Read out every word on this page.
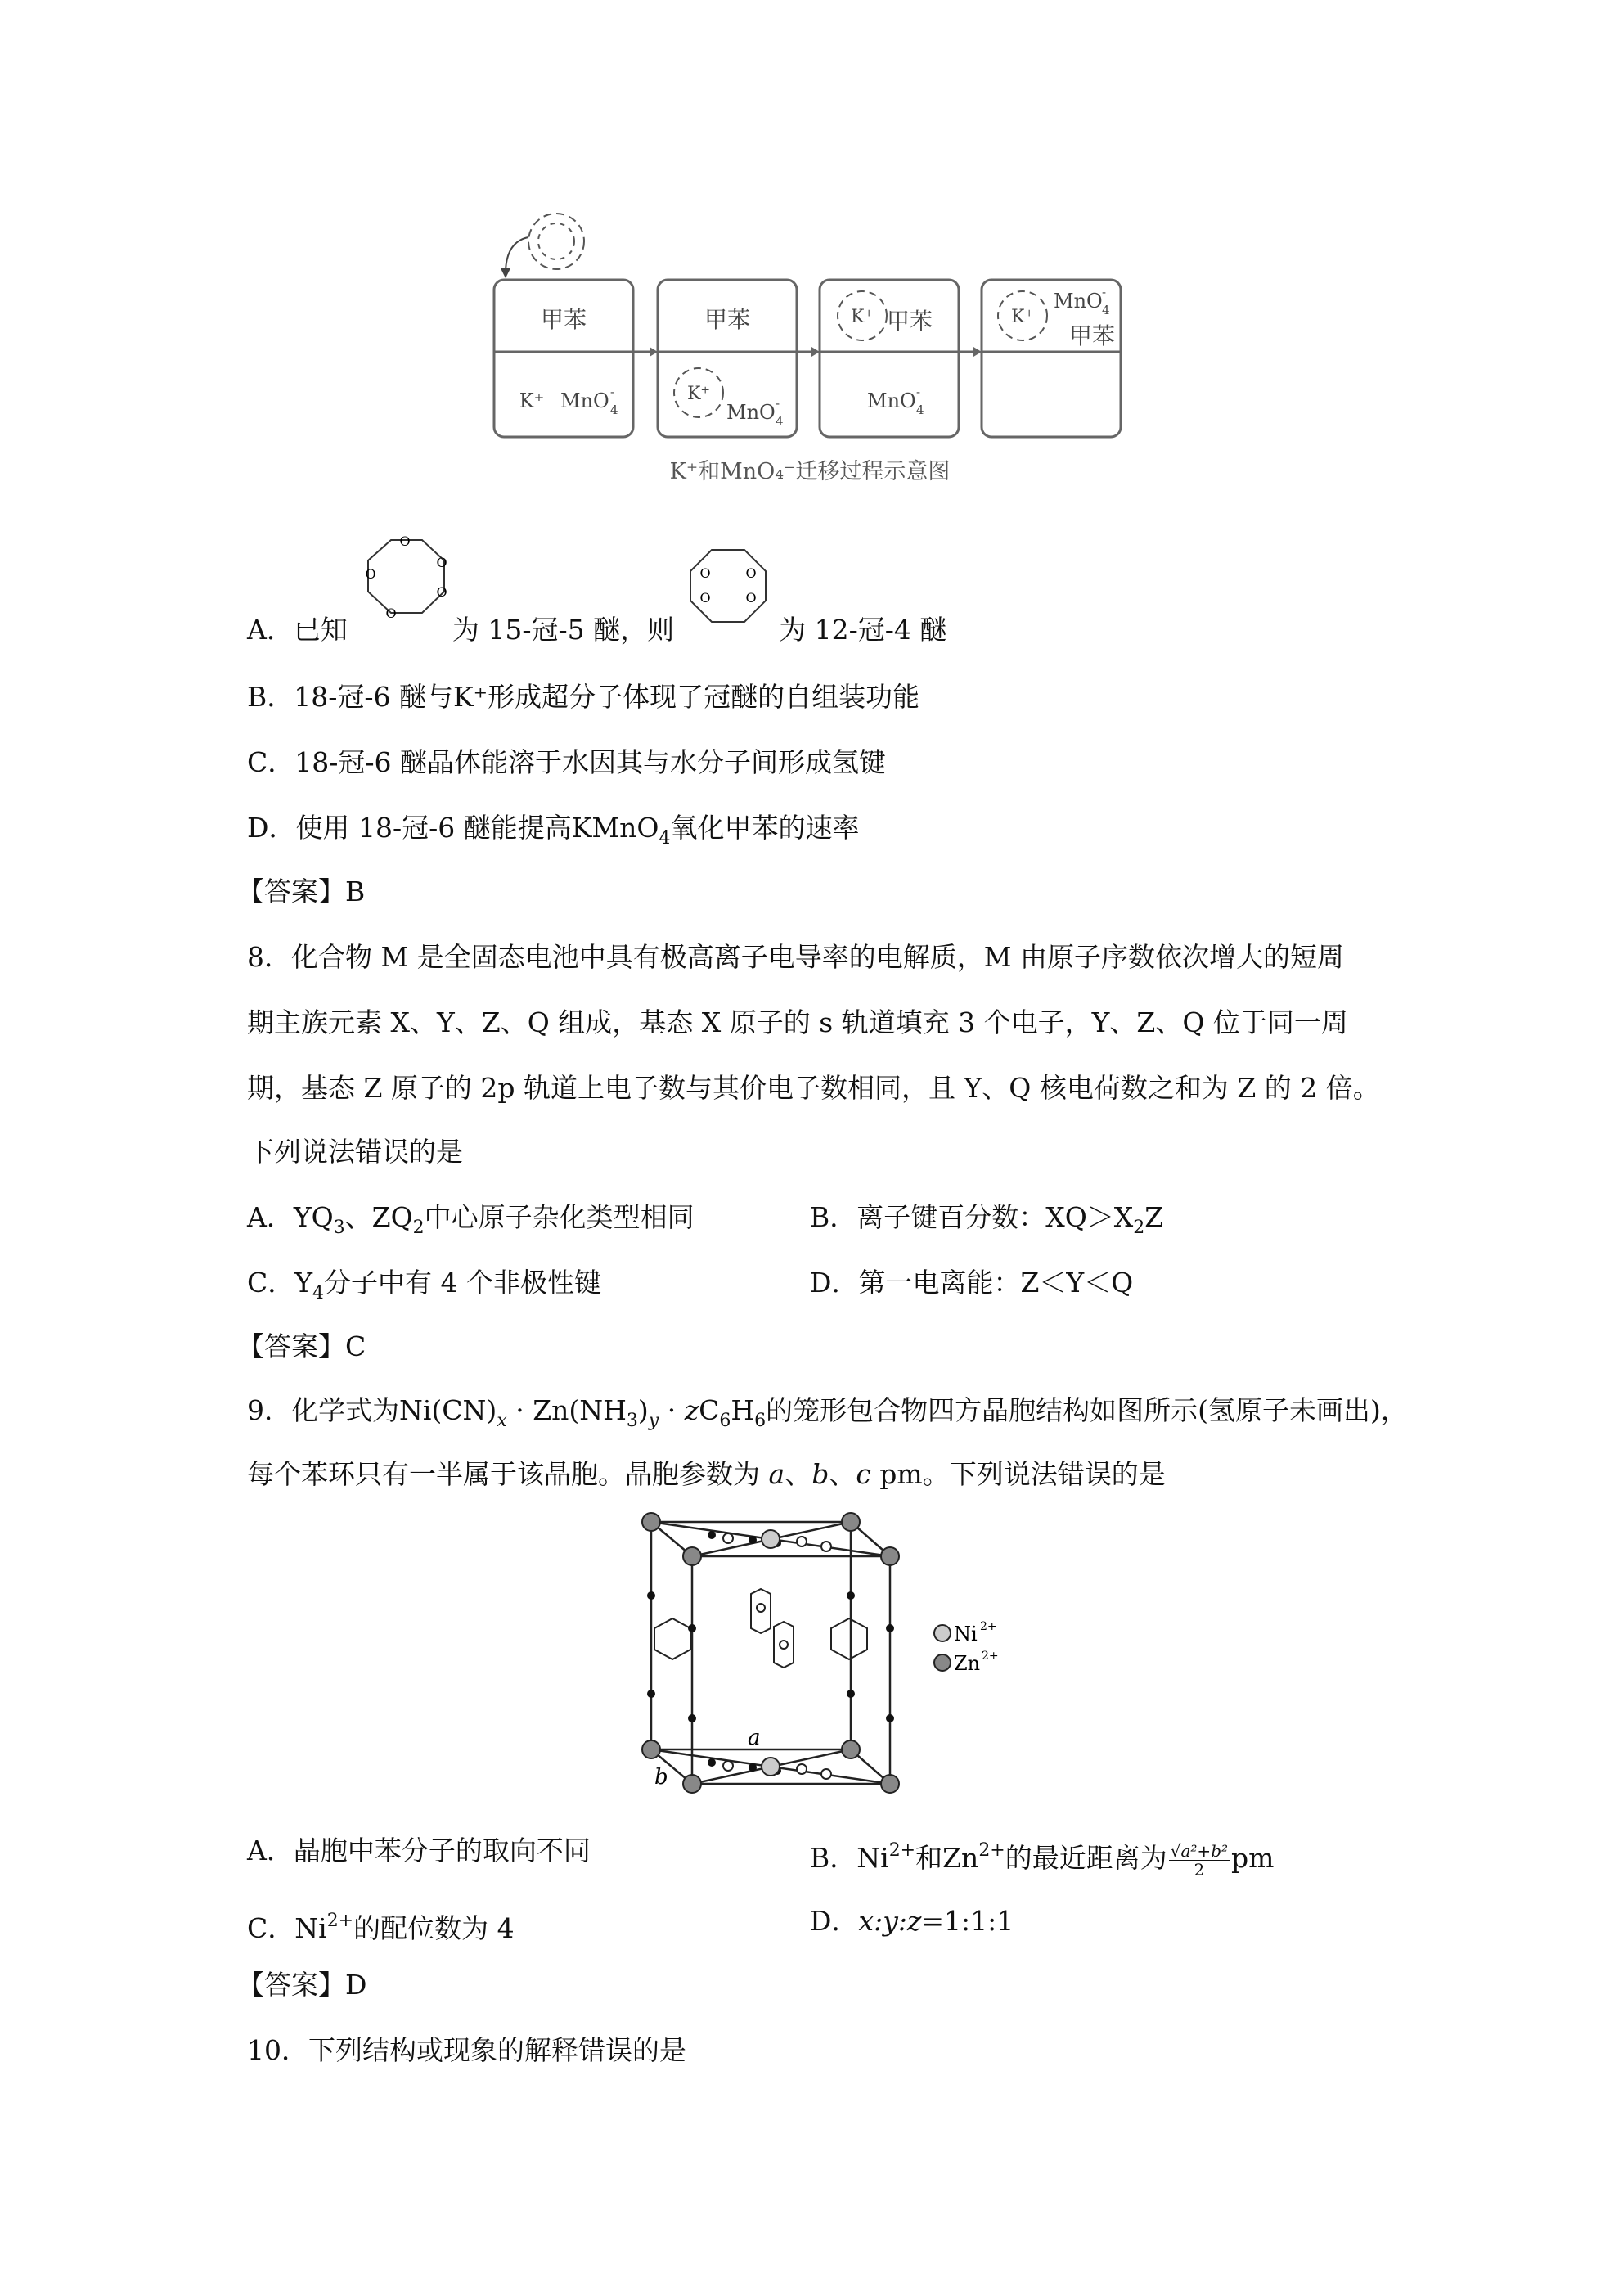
甲苯
K⁺ MnO 4
-
甲苯
K⁺
MnO 4
-
K⁺ 甲苯
MnO 4
-
K⁺
MnO 4
-
甲苯
K⁺和MnO₄⁻迁移过程示意图
O
O
O
O
O	O	O
O	O
A．已知	为 15-冠-5 醚，则	为 12-冠-4 醚
B．18-冠-6 醚与K⁺形成超分子体现了冠醚的自组装功能
C．18-冠-6 醚晶体能溶于水因其与水分子间形成氢键
D．使用 18-冠-6 醚能提高KMnO$_4$氧化甲苯的速率
【答案】B
8．化合物 M 是全固态电池中具有极高离子电导率的电解质，M 由原子序数依次增大的短周
期主族元素 X、Y、Z、Q 组成，基态 X 原子的 s 轨道填充 3 个电子，Y、Z、Q 位于同一周
期，基态 Z 原子的 2p 轨道上电子数与其价电子数相同，且 Y、Q 核电荷数之和为 Z 的 2 倍。
下列说法错误的是
A．$YQ_3$、$ZQ_2$中心原子杂化类型相同	B．离子键百分数：$XQ>X_2Z$
C．$Y_4$分子中有 4 个非极性键	D．第一电离能：Z＜Y＜Q
【答案】C
9．化学式为$Ni(CN)_x \cdot Zn(NH_3)_y \cdot zC_6H_6$的笼形包合物四方晶胞结构如图所示(氢原子未画出)，
每个苯环只有一半属于该晶胞。晶胞参数为 a、b、c pm。下列说法错误的是
a
b
Ni 2+
Zn 2+
A．晶胞中苯分子的取向不同	B．$Ni^{2+}$和$Zn^{2+}$的最近距离为 $\frac{\text{√a²+b²}}{2}$ pm
C．$Ni^{2+}$的配位数为 4	D．x:y:z=1:1:1
【答案】D
10．下列结构或现象的解释错误的是
